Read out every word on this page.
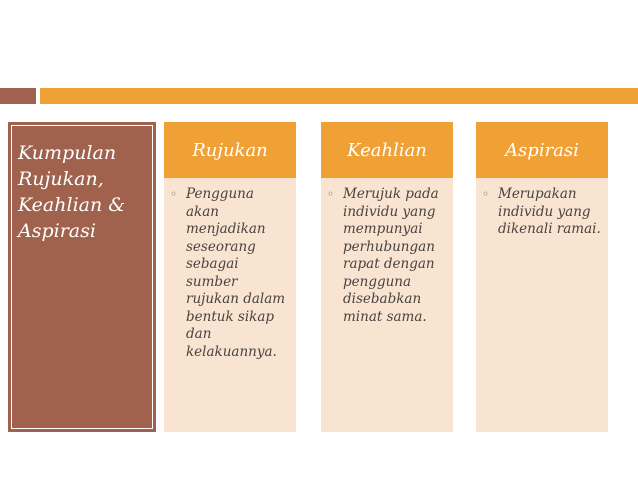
Kumpulan Rujukan, Keahlian & Aspirasi

Rujukan
◦ Pengguna akan menjadikan seseorang sebagai sumber rujukan dalam bentuk sikap dan kelakuannya.
Keahlian
◦ Merujuk pada individu yang mempunyai perhubungan rapat dengan pengguna disebabkan minat sama.
Aspirasi
◦ Merupakan individu yang dikenali ramai.
